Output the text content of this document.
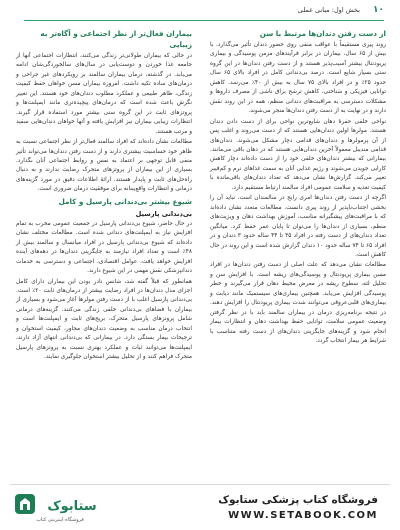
۱۰
بخش اول: مبانی عملی
از دست رفتن دندان‌ها مرتبط با سن

روند پیری مستقیماً با عواقب منفی روی حضور دندان تأثیر می‌گذارد. با بیش از ۶۵ سال، بیماران در برابر فرآیندهای مزمن پوسیدگی و بیماری پریودنتال بیشتر آسیب‌پذیر هستند و از دست رفتن دندان‌ها در این گروه سنی بسیار شایع است. درصد بی‌دندانی کامل در افراد بالای ۶۵ سال حدود ۲۵٪ و در افراد بالای ۷۵ سال به بیش از ۴۰٪ می‌رسد. کاهش توانایی فیزیکی و شناختی، کاهش ترشح بزاق ناشی از مصرف داروها و مشکلات دسترسی به مراقبت‌های دندانی منظم، همه در این روند نقش دارند و در نهایت به از دست رفتن دندان‌ها منجر می‌شوند.

نواحی خلفی حفرهٔ دهان شایع‌ترین نواحی برای از دست دادن دندان هستند. مولرها اولین دندان‌هایی هستند که از دست می‌روند و اغلب پس از آن پرمولرها و دندان‌های قدامی دچار مشکل می‌شوند. دندان‌های قدامی مندیبل معمولاً آخرین دندان‌هایی هستند که در دهان باقی می‌مانند. بیمارانی که بیشتر دندان‌های خلفی خود را از دست داده‌اند دچار کاهش کارایی جویدن می‌شوند و رژیم غذایی آنان به سمت غذاهای نرم و کم‌فیبر تغییر می‌کند. گزارش‌ها نشان می‌دهد که تعداد دندان‌های باقی‌مانده با کیفیت تغذیه و سلامت عمومی افراد سالمند ارتباط مستقیم دارد.

اگرچه از دست رفتن دندان‌ها امری رایج در سالمندان است، نباید آن را بخشی اجتناب‌ناپذیر از روند پیری دانست. مطالعات متعدد نشان داده‌اند که با مراقبت‌های پیشگیرانه مناسب، آموزش بهداشت دهان و ویزیت‌های منظم، بسیاری از دندان‌ها را می‌توان تا پایان عمر حفظ کرد. میانگین تعداد دندان‌های از دست رفته در افراد ۳۵ تا ۴۴ ساله حدود ۳ دندان و در افراد ۶۵ تا ۷۴ ساله حدود ۱۰ دندان گزارش شده است و این روند در حال کاهش است.

مطالعات نشان می‌دهد که علت اصلی از دست رفتن دندان‌ها در افراد مسن بیماری پریودنتال و پوسیدگی‌های ریشه است. با افزایش سن و تحلیل لثه، سطوح ریشه در معرض محیط دهان قرار می‌گیرند و خطر پوسیدگی افزایش می‌یابد. همچنین بیماری‌های سیستمیک مانند دیابت و بیماری‌های قلبی‌عروقی می‌توانند شدت بیماری پریودنتال را افزایش دهند. در نتیجه برنامه‌ریزی درمان در بیماران سالمند باید با در نظر گرفتن وضعیت عمومی سلامت، توانایی حفظ بهداشت دهان و انتظارات بیمار انجام شود و گزینه‌های جایگزینی دندان‌های از دست رفته متناسب با شرایط هر بیمار انتخاب گردد.

بیماران فعال‌تر از نظر اجتماعی و آگاه‌تر به زیبایی

در حالی که بیماران طولانی‌تر زندگی می‌کنند، انتظارات اجتماعی آنها از جامعه غذا خوردن و دوست‌یابی در سال‌های سالخوردگی‌شان ادامه می‌یابد. در گذشته، درمان بیماران سالمند بر رویکردهای غیر جراحی و درمان‌های ساده تکیه داشت. امروزه بیماران مسن خواهان حفظ کیفیت زندگی، ظاهر طبیعی و عملکرد مطلوب دندان‌های خود هستند. این تغییر نگرش باعث شده است که درمان‌های پیچیده‌تری مانند ایمپلنت‌ها و پروتزهای ثابت در این گروه سنی بیشتر مورد استفاده قرار گیرند. انتظارات زیبایی بیماران نیز افزایش یافته و آنها خواهان دندان‌هایی سفید و مرتب هستند.

مطالعات نشان داده‌اند که افراد سالمند فعال‌تر از نظر اجتماعی نسبت به ظاهر خود حساسیت بیشتری دارند و از دست رفتن دندان‌ها می‌تواند تأثیر منفی قابل توجهی بر اعتماد به نفس و روابط اجتماعی آنان بگذارد. بسیاری از این بیماران از پروتزهای متحرک رضایت ندارند و به دنبال راه‌حل‌های ثابت و پایدار هستند. ارائهٔ اطلاعات دقیق در مورد گزینه‌های درمانی و انتظارات واقع‌بینانه برای موفقیت درمان ضروری است.

شیوع بیشتر بی‌دندانی پارسیل و کامل
بی‌دندانی پارسیل

در حال حاضر، شیوع بی‌دندانی پارسیل در جمعیت عمومی مخرب به تمام افزایش نیاز به ایمپلنت‌های دندانی شده است. مطالعات مختلف نشان داده‌اند که شیوع بی‌دندانی پارسیل در افراد میانسال و سالمند بیش از ۴۸٪ است و تعداد افراد نیازمند به جایگزینی دندان‌ها در دهه‌های آینده افزایش خواهد یافت. عوامل اقتصادی، اجتماعی و دسترسی به خدمات دندانپزشکی نقش مهمی در این شیوع دارند.

همانطور که قبلاً گفته شد، شانس نادر بودن این بیماران دارای کامل اجزای مدل دندان‌ها در افراد رضایت بیشتر از درمان‌های ثابت ۲۰٪ است. بی‌دندانی پارسیل اغلب با از دست رفتن مولرها آغاز می‌شود و بسیاری از بیماران با فضاهای بی‌دندانی خلفی زندگی می‌کنند. گزینه‌های درمانی شامل پروتزهای پارسیل متحرک، بریج‌های ثابت و ایمپلنت‌ها است و انتخاب درمان مناسب به وضعیت دندان‌های مجاور، کیفیت استخوان و ترجیحات بیمار بستگی دارد. در بیمارانی که بی‌دندانی انتهای آزاد دارند، ایمپلنت‌ها می‌توانند ثبات و عملکرد بهتری نسبت به پروتزهای پارسیل متحرک فراهم کنند و از تحلیل بیشتر استخوان جلوگیری نمایند.

ستابوک
فروشگاه اینترنتی کتاب
فروشگاه کتاب پزشکی ستابوک
WWW.SETABOOK.COM
